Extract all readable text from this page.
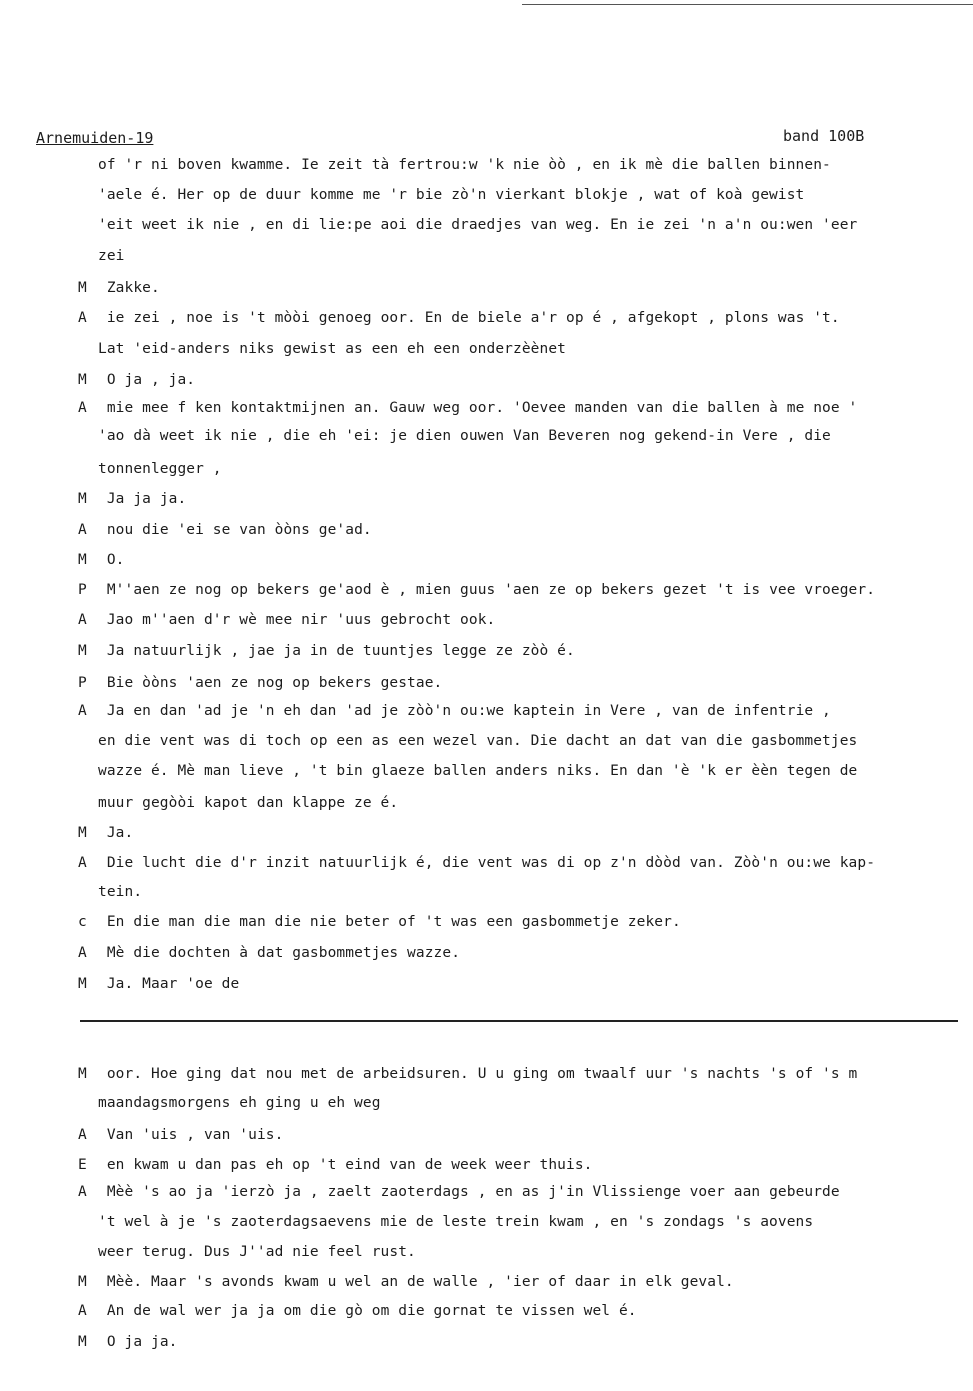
Arnemuiden-19	band 100B
of 'r ni boven kwamme. Ie zeit tà fertrou:w 'k nie òò , en ik mè die ballen binnen-
'aele é. Her op de duur komme me 'r bie zò'n vierkant blokje , wat of koà gewist
'eit weet ik nie , en di lie:pe aoi die draedjes van weg. En ie zei 'n a'n ou:wen 'eer
zei
M Zakke.
A ie zei , noe is 't mòòi genoeg oor. En de biele a'r op é , afgekopt , plons was 't.
Lat 'eid-anders niks gewist as een eh een onderzèènet
M O ja , ja.
A mie mee f ken kontaktmijnen an. Gauw weg oor. 'Oevee manden van die ballen à me noe '
'ao dà weet ik nie , die eh 'ei: je dien ouwen Van Beveren nog gekend-in Vere , die
tonnenlegger ,
M Ja ja ja.
A nou die 'ei se van òòns ge'ad.
M O.
P M''aen ze nog op bekers ge'aod è , mien guus 'aen ze op bekers gezet 't is vee vroeger.
A Jao m''aen d'r wè mee nir 'uus gebrocht ook.
M Ja natuurlijk , jae ja in de tuuntjes legge ze zòò é.
P Bie òòns 'aen ze nog op bekers gestae.
A Ja en dan 'ad je 'n eh dan 'ad je zòò'n ou:we kaptein in Vere , van de infentrie ,
en die vent was di toch op een as een wezel van. Die dacht an dat van die gasbommetjes
wazze é. Mè man lieve , 't bin glaeze ballen anders niks. En dan 'è 'k er èèn tegen de
muur gegòòi kapot dan klappe ze é.
M Ja.
A Die lucht die d'r inzit natuurlijk é, die vent was di op z'n dòòd van. Zòò'n ou:we kap-
tein.
c En die man die man die nie beter of 't was een gasbommetje zeker.
A Mè die dochten à dat gasbommetjes wazze.
M Ja. Maar 'oe de
M oor. Hoe ging dat nou met de arbeidsuren. U u ging om twaalf uur 's nachts 's of 's m
maandagsmorgens eh ging u eh weg
A Van 'uis , van 'uis.
E en kwam u dan pas eh op 't eind van de week weer thuis.
A Mèè 's ao ja 'ierzò ja , zaelt zaoterdags , en as j'in Vlissienge voer aan gebeurde
't wel à je 's zaoterdagsaevens mie de leste trein kwam , en 's zondags 's aovens
weer terug. Dus J''ad nie feel rust.
M Mèè. Maar 's avonds kwam u wel an de walle , 'ier of daar in elk geval.
A An de wal wer ja ja om die gò om die gornat te vissen wel é.
M O ja ja.
